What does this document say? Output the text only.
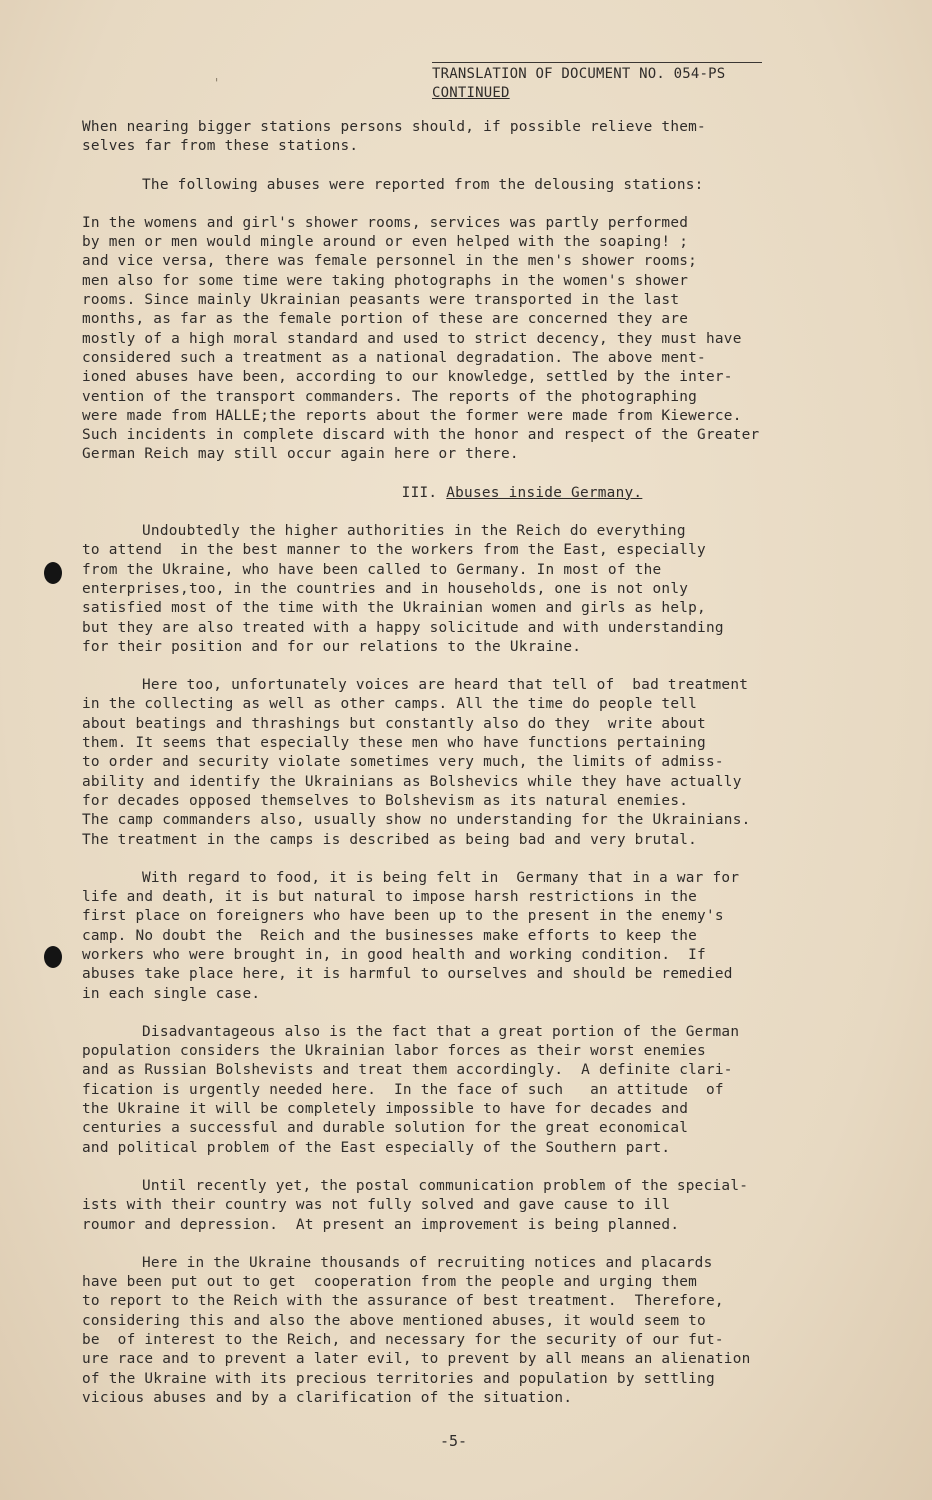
'
TRANSLATION OF DOCUMENT NO. 054-PS
CONTINUED

When nearing bigger stations persons should, if possible relieve them-
selves far from these stations.

The following abuses were reported from the delousing stations:

In the womens and girl's shower rooms, services was partly performed
by men or men would mingle around or even helped with the soaping! ;
and vice versa, there was female personnel in the men's shower rooms;
men also for some time were taking photographs in the women's shower
rooms. Since mainly Ukrainian peasants were transported in the last
months, as far as the female portion of these are concerned they are
mostly of a high moral standard and used to strict decency, they must have
considered such a treatment as a national degradation. The above ment-
ioned abuses have been, according to our knowledge, settled by the inter-
vention of the transport commanders. The reports of the photographing
were made from HALLE;the reports about the former were made from Kiewerce.
Such incidents in complete discard with the honor and respect of the Greater
German Reich may still occur again here or there.

III. Abuses inside Germany.

Undoubtedly the higher authorities in the Reich do everything
to attend  in the best manner to the workers from the East, especially
from the Ukraine, who have been called to Germany. In most of the
enterprises,too, in the countries and in households, one is not only
satisfied most of the time with the Ukrainian women and girls as help,
but they are also treated with a happy solicitude and with understanding
for their position and for our relations to the Ukraine.

Here too, unfortunately voices are heard that tell of  bad treatment
in the collecting as well as other camps. All the time do people tell
about beatings and thrashings but constantly also do they  write about
them. It seems that especially these men who have functions pertaining
to order and security violate sometimes very much, the limits of admiss-
ability and identify the Ukrainians as Bolshevics while they have actually
for decades opposed themselves to Bolshevism as its natural enemies.
The camp commanders also, usually show no understanding for the Ukrainians.
The treatment in the camps is described as being bad and very brutal.

With regard to food, it is being felt in  Germany that in a war for
life and death, it is but natural to impose harsh restrictions in the
first place on foreigners who have been up to the present in the enemy's
camp. No doubt the  Reich and the businesses make efforts to keep the
workers who were brought in, in good health and working condition.  If
abuses take place here, it is harmful to ourselves and should be remedied
in each single case.

Disadvantageous also is the fact that a great portion of the German
population considers the Ukrainian labor forces as their worst enemies
and as Russian Bolshevists and treat them accordingly.  A definite clari-
fication is urgently needed here.  In the face of such   an attitude  of
the Ukraine it will be completely impossible to have for decades and
centuries a successful and durable solution for the great economical
and political problem of the East especially of the Southern part.

Until recently yet, the postal communication problem of the special-
ists with their country was not fully solved and gave cause to ill
roumor and depression.  At present an improvement is being planned.

Here in the Ukraine thousands of recruiting notices and placards
have been put out to get  cooperation from the people and urging them
to report to the Reich with the assurance of best treatment.  Therefore,
considering this and also the above mentioned abuses, it would seem to
be  of interest to the Reich, and necessary for the security of our fut-
ure race and to prevent a later evil, to prevent by all means an alienation
of the Ukraine with its precious territories and population by settling
vicious abuses and by a clarification of the situation.

-5-
